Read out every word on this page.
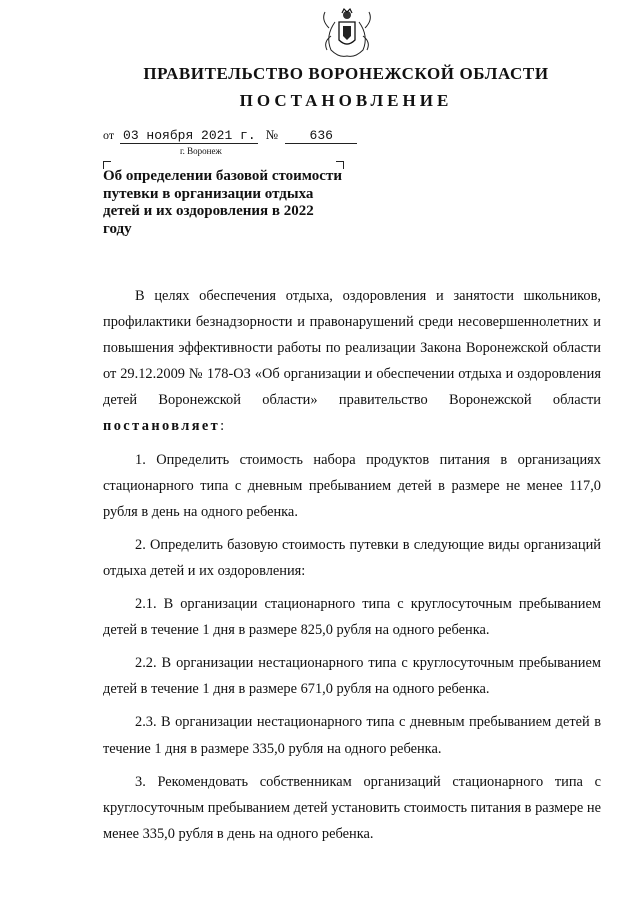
ПРАВИТЕЛЬСТВО ВОРОНЕЖСКОЙ ОБЛАСТИ
ПОСТАНОВЛЕНИЕ
от 03 ноября 2021 г. № 636
г. Воронеж
Об определении базовой стоимости путевки в организации отдыха детей и их оздоровления в 2022 году

В целях обеспечения отдыха, оздоровления и занятости школьников, профилактики безнадзорности и правонарушений среди несовершеннолетних и повышения эффективности работы по реализации Закона Воронежской области от 29.12.2009 № 178-ОЗ «Об организации и обеспечении отдыха и оздоровления детей Воронежской области» правительство Воронежской области постановляет:

1. Определить стоимость набора продуктов питания в организациях стационарного типа с дневным пребыванием детей в размере не менее 117,0 рубля в день на одного ребенка.

2. Определить базовую стоимость путевки в следующие виды организаций отдыха детей и их оздоровления:

2.1. В организации стационарного типа с круглосуточным пребыванием детей в течение 1 дня в размере 825,0 рубля на одного ребенка.

2.2. В организации нестационарного типа с круглосуточным пребыванием детей в течение 1 дня в размере 671,0 рубля на одного ребенка.

2.3. В организации нестационарного типа с дневным пребыванием детей в течение 1 дня в размере 335,0 рубля на одного ребенка.

3. Рекомендовать собственникам организаций стационарного типа с круглосуточным пребыванием детей установить стоимость питания в размере не менее 335,0 рубля в день на одного ребенка.
